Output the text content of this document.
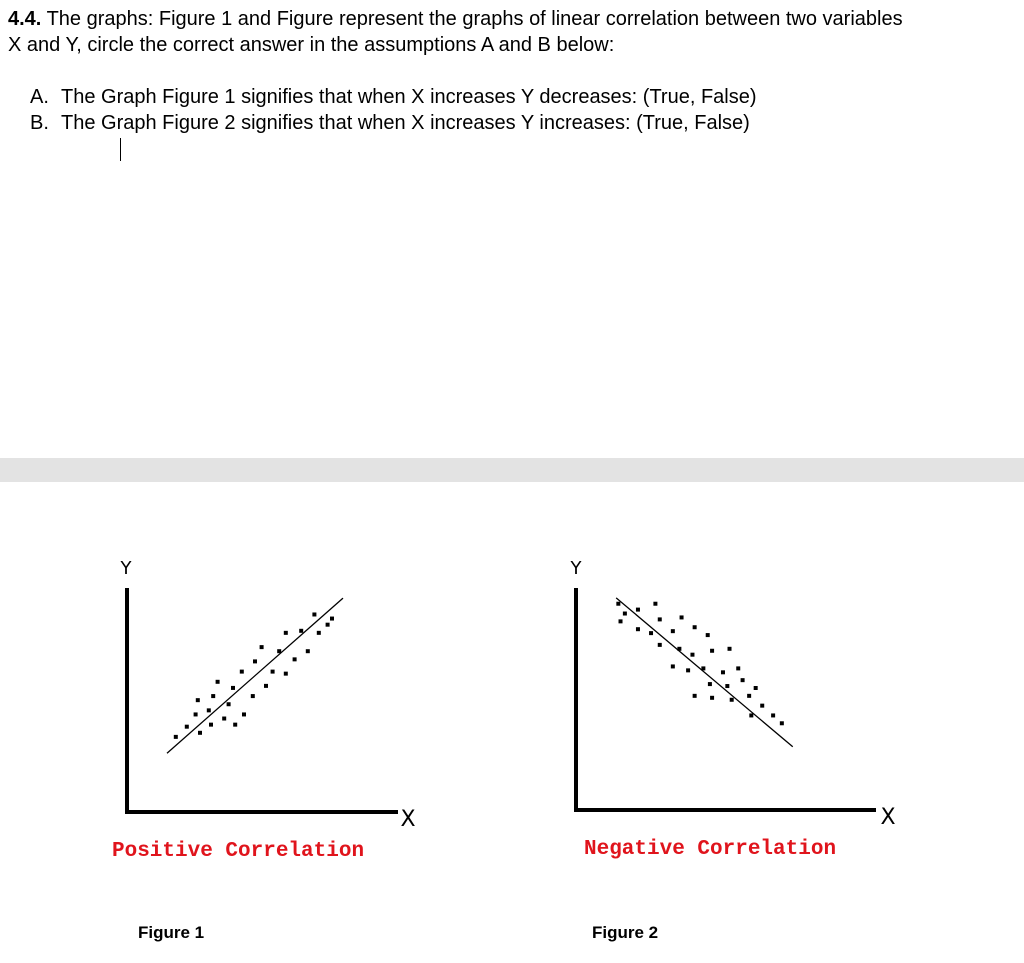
4.4. The graphs: Figure 1 and Figure represent the graphs of linear correlation between two variables
X and Y, circle the correct answer in the assumptions A and B below:
A. The Graph Figure 1 signifies that when X increases Y decreases: (True, False)
B. The Graph Figure 2 signifies that when X increases Y increases: (True, False)
Y
X
Positive Correlation
Y
X
Negative Correlation
Figure 1	Figure 2
